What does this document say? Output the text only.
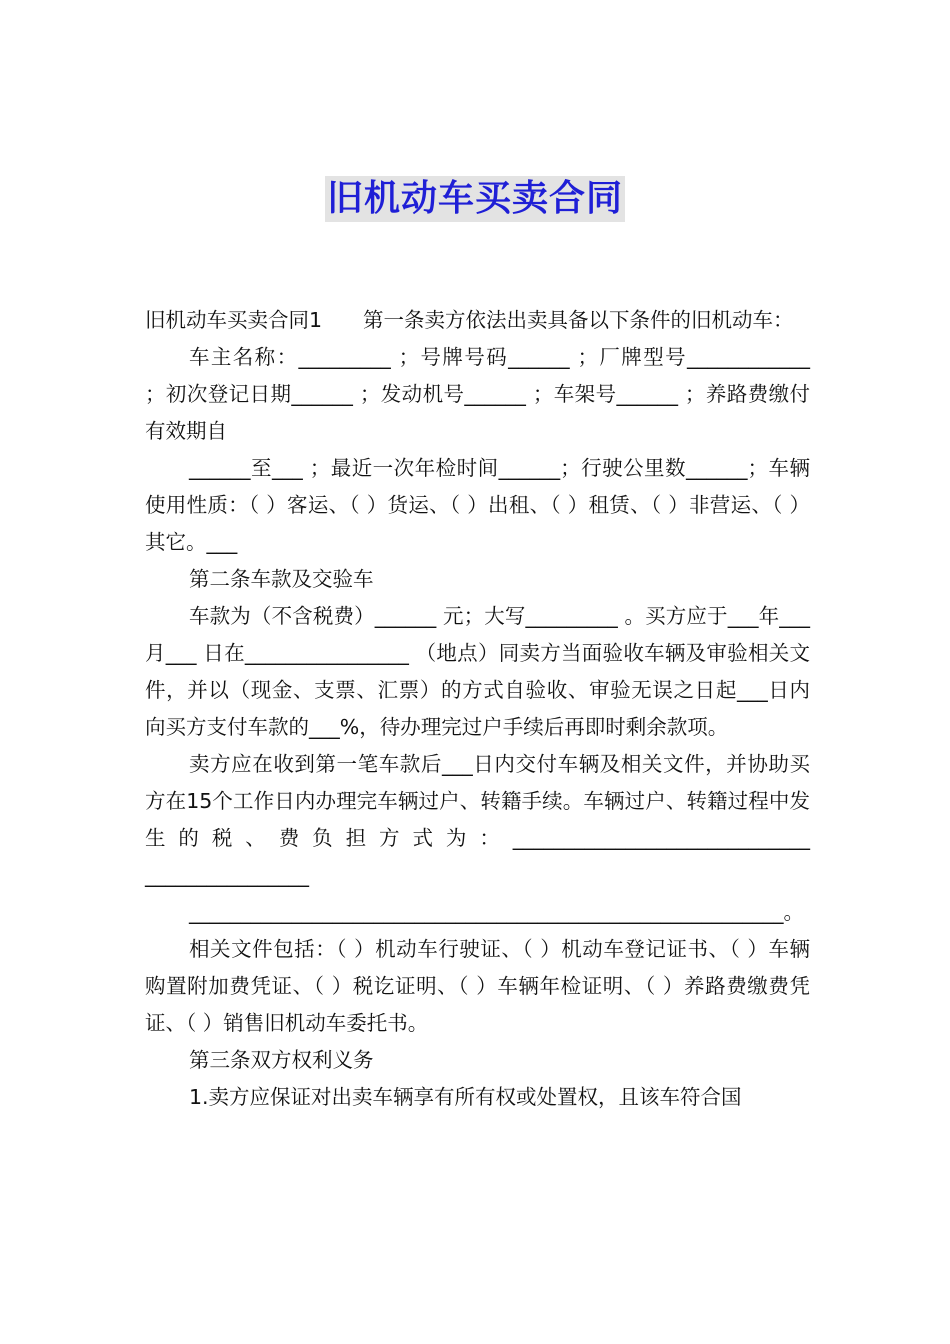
旧机动车买卖合同

旧机动车买卖合同1　　第一条卖方依法出卖具备以下条件的旧机动车：

车主名称：_________ ；号牌号码______ ；厂牌型号____________ ；初次登记日期______ ；发动机号______ ；车架号______ ；养路费缴付有效期自

______至___ ；最近一次年检时间______；行驶公里数______；车辆使用性质：（ ）客运、（ ）货运、（ ）出租、（ ）租赁、（ ）非营运、（ ）其它。___

第二条车款及交验车

车款为（不含税费）______ 元；大写_________ 。买方应于___年___ 月___ 日在________________ （地点）同卖方当面验收车辆及审验相关文件，并以（现金、支票、汇票）的方式自验收、审验无误之日起___日内向买方支付车款的___%，待办理完过户手续后再即时剩余款项。

卖方应在收到第一笔车款后___日内交付车辆及相关文件，并协助买方在15个工作日内办理完车辆过户、转籍手续。车辆过户、转籍过程中发生的税、费负担方式为：_____________________________ ________________

__________________________________________________________。

相关文件包括：（ ）机动车行驶证、（ ）机动车登记证书、（ ）车辆购置附加费凭证、（ ）税讫证明、（ ）车辆年检证明、（ ）养路费缴费凭证、（ ）销售旧机动车委托书。

第三条双方权利义务

1.卖方应保证对出卖车辆享有所有权或处置权，且该车符合国
